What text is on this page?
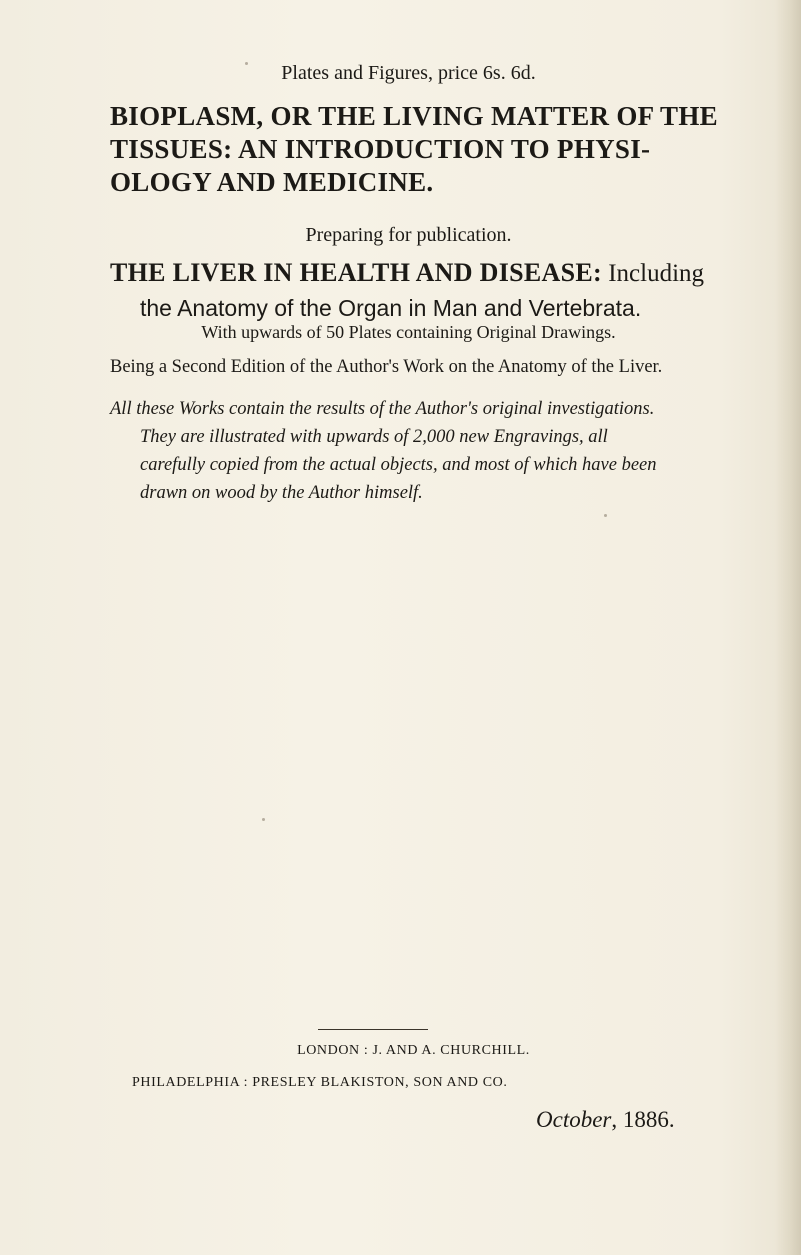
Plates and Figures, price 6s. 6d.

BIOPLASM, OR THE LIVING MATTER OF THE
TISSUES: AN INTRODUCTION TO PHYSI-
OLOGY AND MEDICINE.

Preparing for publication.

THE LIVER IN HEALTH AND DISEASE: Including
the Anatomy of the Organ in Man and Vertebrata.

With upwards of 50 Plates containing Original Drawings.

Being a Second Edition of the Author's Work on the Anatomy of the Liver.

All these Works contain the results of the Author's original investigations.
They are illustrated with upwards of 2,000 new Engravings, all
carefully copied from the actual objects, and most of which have been
drawn on wood by the Author himself.

LONDON : J. AND A. CHURCHILL.

PHILADELPHIA : PRESLEY BLAKISTON, SON AND CO.

October, 1886.
